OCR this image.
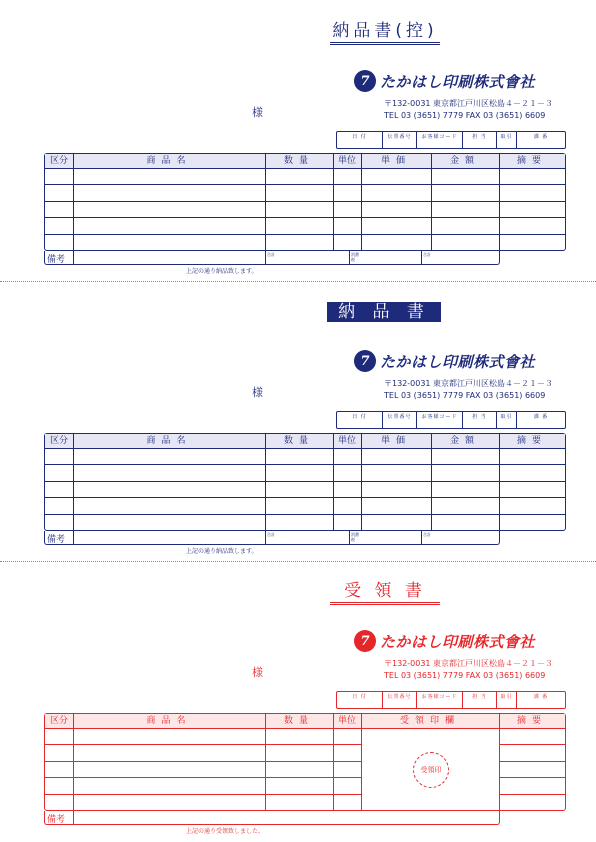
納品書(控)
7 たかはし印刷株式會社
〒132-0031 東京都江戸川区松島４－２１－３
TEL 03 (3651) 7779 FAX 03 (3651) 6609
様
日 付	伝票番号	お客様コード	担 当	取引	課 番
区分	商品名	数量	単位	単価	金額	摘要
備考
合計	消費税
合計
上記の通り納品致します。
納 品 書
7 たかはし印刷株式會社
〒132-0031 東京都江戸川区松島４－２１－３
TEL 03 (3651) 7779 FAX 03 (3651) 6609
様
日 付	伝票番号	お客様コード	担 当	取引	課 番
区分	商品名	数量	単位	単価	金額	摘要
備考
合計	消費税
合計
上記の通り納品致します。
受 領 書
7 たかはし印刷株式會社
〒132-0031 東京都江戸川区松島４－２１－３
TEL 03 (3651) 7779 FAX 03 (3651) 6609
様
日 付	伝票番号	お客様コード	担 当	取引	課 番
区分	商品名	数量	単位	受領印欄	摘要
受領印
備考
上記の通り受領致しました。
